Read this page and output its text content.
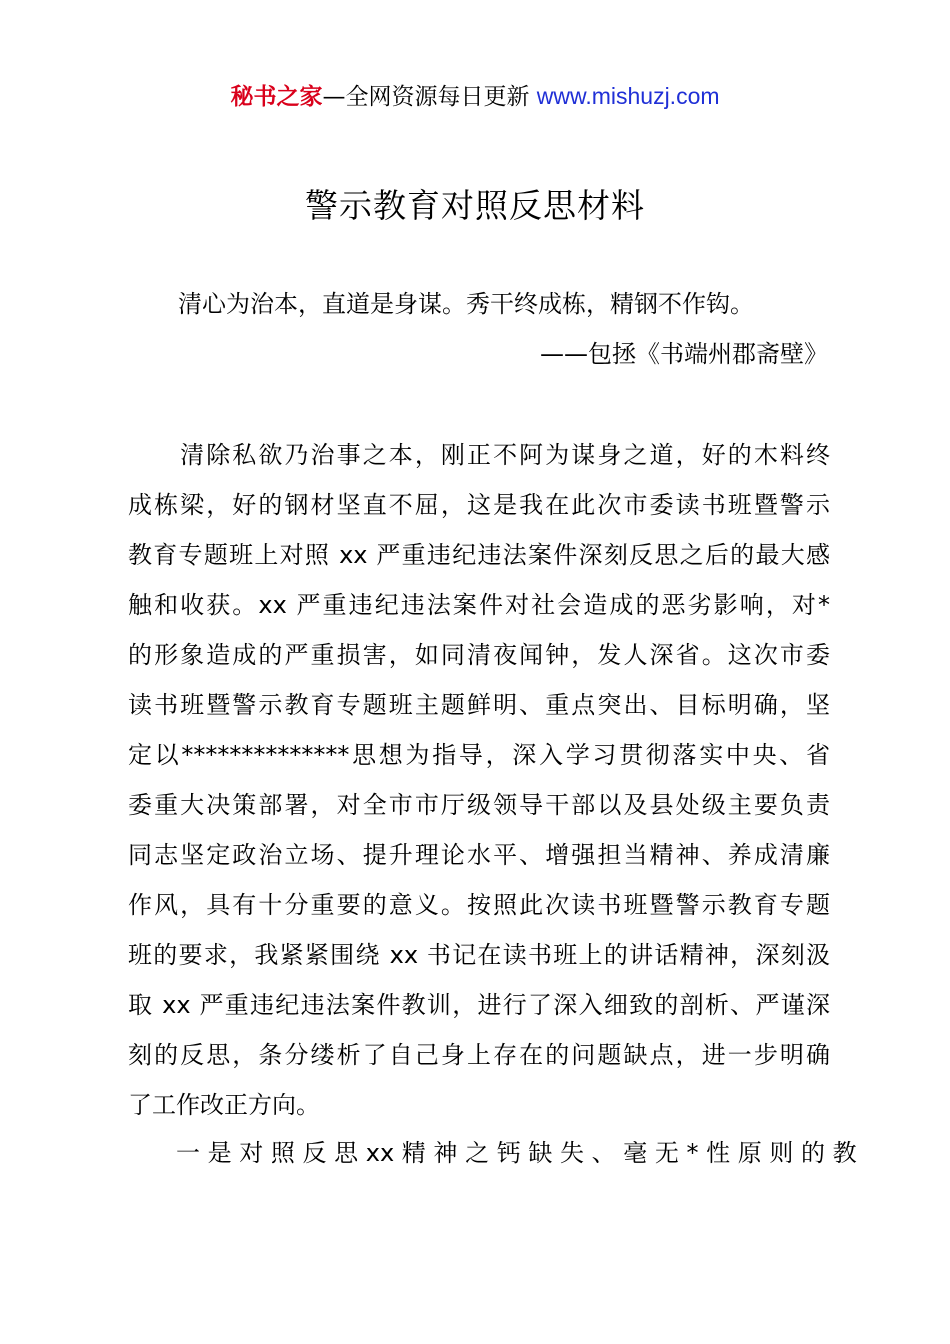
秘书之家—全网资源每日更新 www.mishuzj.com
警示教育对照反思材料
清心为治本，直道是身谋。秀干终成栋，精钢不作钩。
——包拯《书端州郡斋壁》
　　清除私欲乃治事之本，刚正不阿为谋身之道，好的木料终
成栋梁，好的钢材坚直不屈，这是我在此次市委读书班暨警示
教育专题班上对照 xx 严重违纪违法案件深刻反思之后的最大感
触和收获。xx 严重违纪违法案件对社会造成的恶劣影响，对*
的形象造成的严重损害，如同清夜闻钟，发人深省。这次市委
读书班暨警示教育专题班主题鲜明、重点突出、目标明确，坚
定以**************思想为指导，深入学习贯彻落实中央、省
委重大决策部署，对全市市厅级领导干部以及县处级主要负责
同志坚定政治立场、提升理论水平、增强担当精神、养成清廉
作风，具有十分重要的意义。按照此次读书班暨警示教育专题
班的要求，我紧紧围绕 xx 书记在读书班上的讲话精神，深刻汲
取 xx 严重违纪违法案件教训，进行了深入细致的剖析、严谨深
刻的反思，条分缕析了自己身上存在的问题缺点，进一步明确
了工作改正方向。
　　一 是 对 照 反 思 xx 精 神 之 钙 缺 失 、 毫 无 * 性 原 则 的 教
